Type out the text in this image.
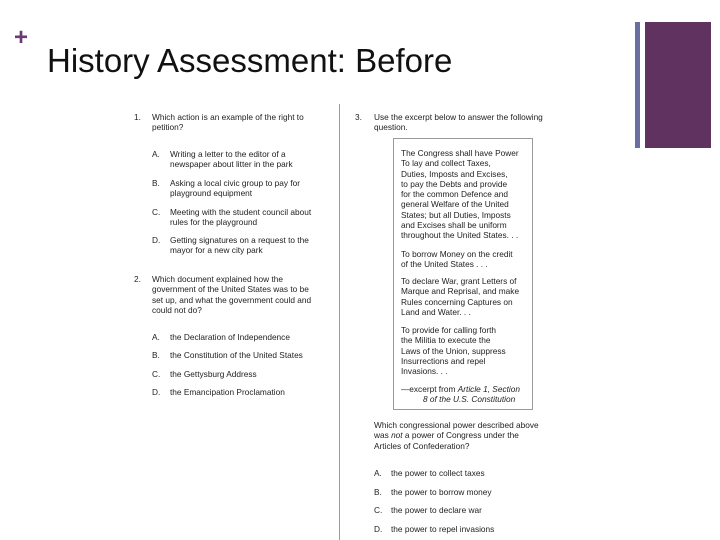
+
History Assessment: Before
1. Which action is an example of the right to
petition?
A. Writing a letter to the editor of a
newspaper about litter in the park
B. Asking a local civic group to pay for
playground equipment
C. Meeting with the student council about
rules for the playground
D. Getting signatures on a request to the
mayor for a new city park
2. Which document explained how the
government of the United States was to be
set up, and what the government could and
could not do?
A. the Declaration of Independence
B. the Constitution of the United States
C. the Gettysburg Address
D. the Emancipation Proclamation
3. Use the excerpt below to answer the following
question.
The Congress shall have Power
To lay and collect Taxes,
Duties, Imposts and Excises,
to pay the Debts and provide
for the common Defence and
general Welfare of the United
States; but all Duties, Imposts
and Excises shall be uniform
throughout the United States. . .
To borrow Money on the credit
of the United States . . .
To declare War, grant Letters of
Marque and Reprisal, and make
Rules concerning Captures on
Land and Water. . .
To provide for calling forth
the Militia to execute the
Laws of the Union, suppress
Insurrections and repel
Invasions. . .
—excerpt from Article 1, Section
8 of the U.S. Constitution
Which congressional power described above
was not a power of Congress under the
Articles of Confederation?
A. the power to collect taxes
B. the power to borrow money
C. the power to declare war
D. the power to repel invasions
